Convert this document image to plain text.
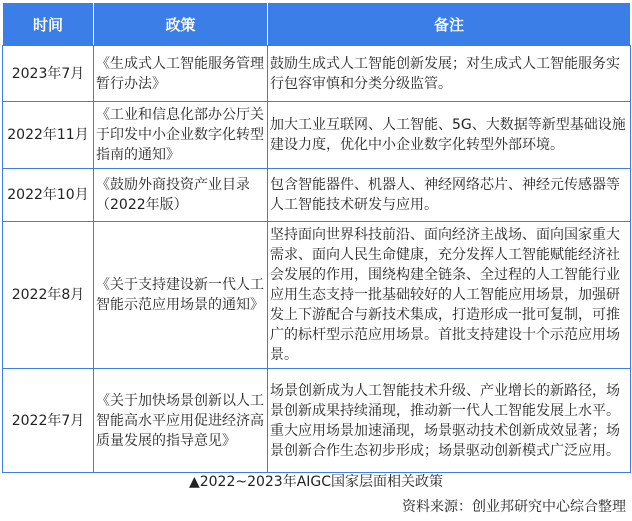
时间	政策	备注
2023年7月	《生成式人工智能服务管理暂行办法》	鼓励生成式人工智能创新发展；对生成式人工智能服务实行包容审慎和分类分级监管。
2022年11月	《工业和信息化部办公厅关于印发中小企业数字化转型指南的通知》	加大工业互联网、人工智能、5G、大数据等新型基础设施建设力度，优化中小企业数字化转型外部环境。
2022年10月	《鼓励外商投资产业目录（2022年版）	包含智能器件、机器人、神经网络芯片、神经元传感器等人工智能技术研发与应用。
2022年8月	《关于支持建设新一代人工智能示范应用场景的通知》	坚持面向世界科技前沿、面向经济主战场、面向国家重大需求、面向人民生命健康，充分发挥人工智能赋能经济社会发展的作用，围绕构建全链条、全过程的人工智能行业应用生态支持一批基础较好的人工智能应用场景，加强研发上下游配合与新技术集成，打造形成一批可复制，可推广的标杆型示范应用场景。首批支持建设十个示范应用场景。
2022年7月	《关于加快场景创新以人工智能高水平应用促进经济高质量发展的指导意见》	场景创新成为人工智能技术升级、产业增长的新路径，场景创新成果持续涌现，推动新一代人工智能发展上水平。重大应用场景加速涌现，场景驱动技术创新成效显著；场景创新合作生态初步形成；场景驱动创新模式广泛应用。
▲2022~2023年AIGC国家层面相关政策
资料来源：创业邦研究中心综合整理
